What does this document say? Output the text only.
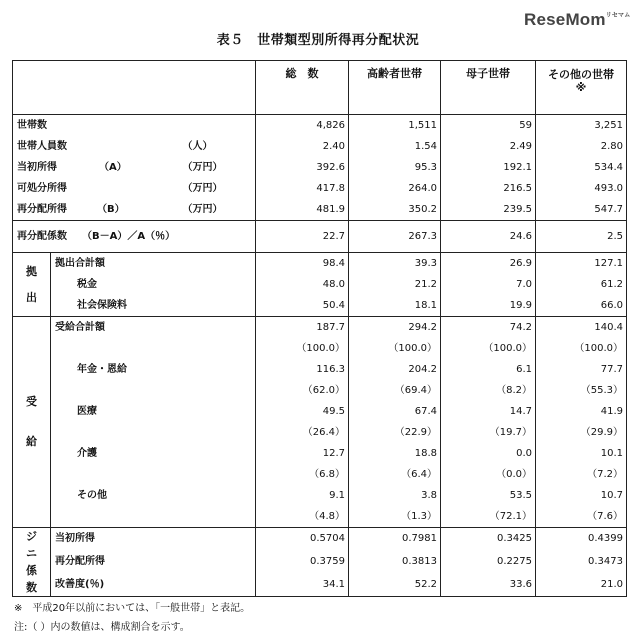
ReseMom$^{リセマム}$
表５　世帯類型別所得再分配状況
			総　数	高齢者世帯	母子世帯	その他の世帯
※
世帯数			4,826	1,511	59	3,251
世帯人員数		（人）	2.40	1.54	2.49	2.80
当初所得 （A）		（万円）	392.6	95.3	192.1	534.4
可処分所得		（万円）	417.8	264.0	216.5	493.0
再分配所得 （B）		（万円）	481.9	350.2	239.5	547.7
再分配係数　　（B－A）／A（％）			22.7	267.3	24.6	2.5

拠
出	拠出合計額		98.4	39.3	26.9	127.1
	税金		48.0	21.2	7.0	61.2
	社会保険料		50.4	18.1	19.9	66.0

受
給	受給合計額		187.7	294.2	74.2	140.4
			（100.0）	（100.0）	（100.0）	（100.0）
	年金・恩給		116.3	204.2	6.1	77.7
			（62.0）	（69.4）	（8.2）	（55.3）
	医療		49.5	67.4	14.7	41.9
			（26.4）	（22.9）	（19.7）	（29.9）
	介護		12.7	18.8	0.0	10.1
			（6.8）	（6.4）	（0.0）	（7.2）
	その他		9.1	3.8	53.5	10.7
			（4.8）	（1.3）	（72.1）	（7.6）

ジ
ニ
係
数	当初所得		0.5704	0.7981	0.3425	0.4399
	再分配所得		0.3759	0.3813	0.2275	0.3473
	改善度(％)		34.1	52.2	33.6	21.0
※　平成20年以前においては、「一般世帯」と表記。
注:（ ）内の数値は、構成割合を示す。
